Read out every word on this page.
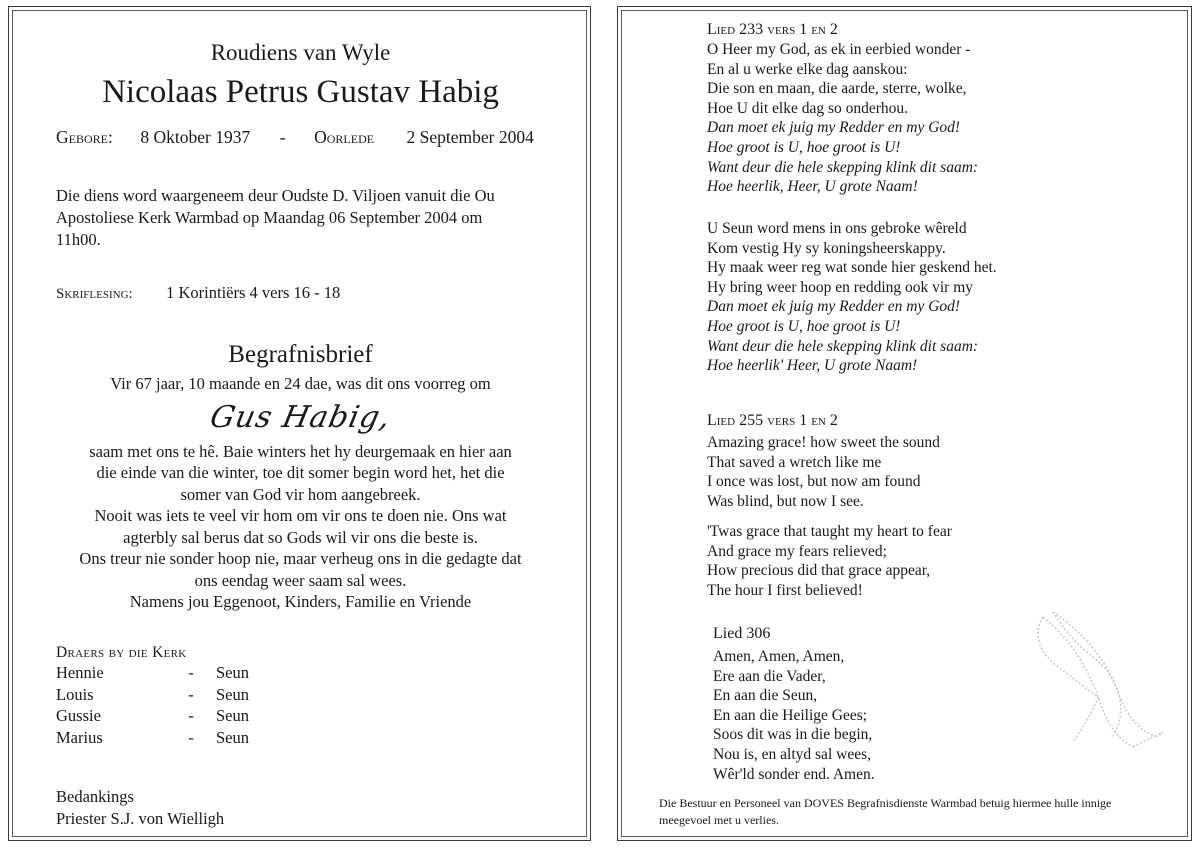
Roudiens van Wyle
Nicolaas Petrus Gustav Habig
Gebore: 8 Oktober 1937 - Oorlede 2 September 2004
Die diens word waargeneem deur Oudste D. Viljoen vanuit die Ou Apostoliese Kerk Warmbad op Maandag 06 September 2004 om 11h00.
Skriflesing: 1 Korintiërs 4 vers 16 - 18
Begrafnisbrief
Vir 67 jaar, 10 maande en 24 dae, was dit ons voorreg om
Gus Habig,
saam met ons te hê. Baie winters het hy deurgemaak en hier aan
die einde van die winter, toe dit somer begin word het, het die
somer van God vir hom aangebreek.
Nooit was iets te veel vir hom om vir ons te doen nie. Ons wat
agterbly sal berus dat so Gods wil vir ons die beste is.
Ons treur nie sonder hoop nie, maar verheug ons in die gedagte dat
ons eendag weer saam sal wees.
Namens jou Eggenoot, Kinders, Familie en Vriende
Draers by die Kerk
Hennie	-	Seun
Louis	-	Seun
Gussie	-	Seun
Marius	-	Seun
Bedankings
Priester S.J. von Wielligh
Lied 233 vers 1 en 2
O Heer my God, as ek in eerbied wonder -
En al u werke elke dag aanskou:
Die son en maan, die aarde, sterre, wolke,
Hoe U dit elke dag so onderhou.
Dan moet ek juig my Redder en my God!
Hoe groot is U, hoe groot is U!
Want deur die hele skepping klink dit saam:
Hoe heerlik, Heer, U grote Naam!
U Seun word mens in ons gebroke wêreld
Kom vestig Hy sy koningsheerskappy.
Hy maak weer reg wat sonde hier geskend het.
Hy bring weer hoop en redding ook vir my
Dan moet ek juig my Redder en my God!
Hoe groot is U, hoe groot is U!
Want deur die hele skepping klink dit saam:
Hoe heerlik' Heer, U grote Naam!
Lied 255 vers 1 en 2
Amazing grace! how sweet the sound
That saved a wretch like me
I once was lost, but now am found
Was blind, but now I see.
'Twas grace that taught my heart to fear
And grace my fears relieved;
How precious did that grace appear,
The hour I first believed!
Lied 306
Amen, Amen, Amen,
Ere aan die Vader,
En aan die Seun,
En aan die Heilige Gees;
Soos dit was in die begin,
Nou is, en altyd sal wees,
Wêr'ld sonder end. Amen.
Die Bestuur en Personeel van DOVES Begrafnisdienste Warmbad betuig hiermee hulle innige meegevoel met u verlies.
